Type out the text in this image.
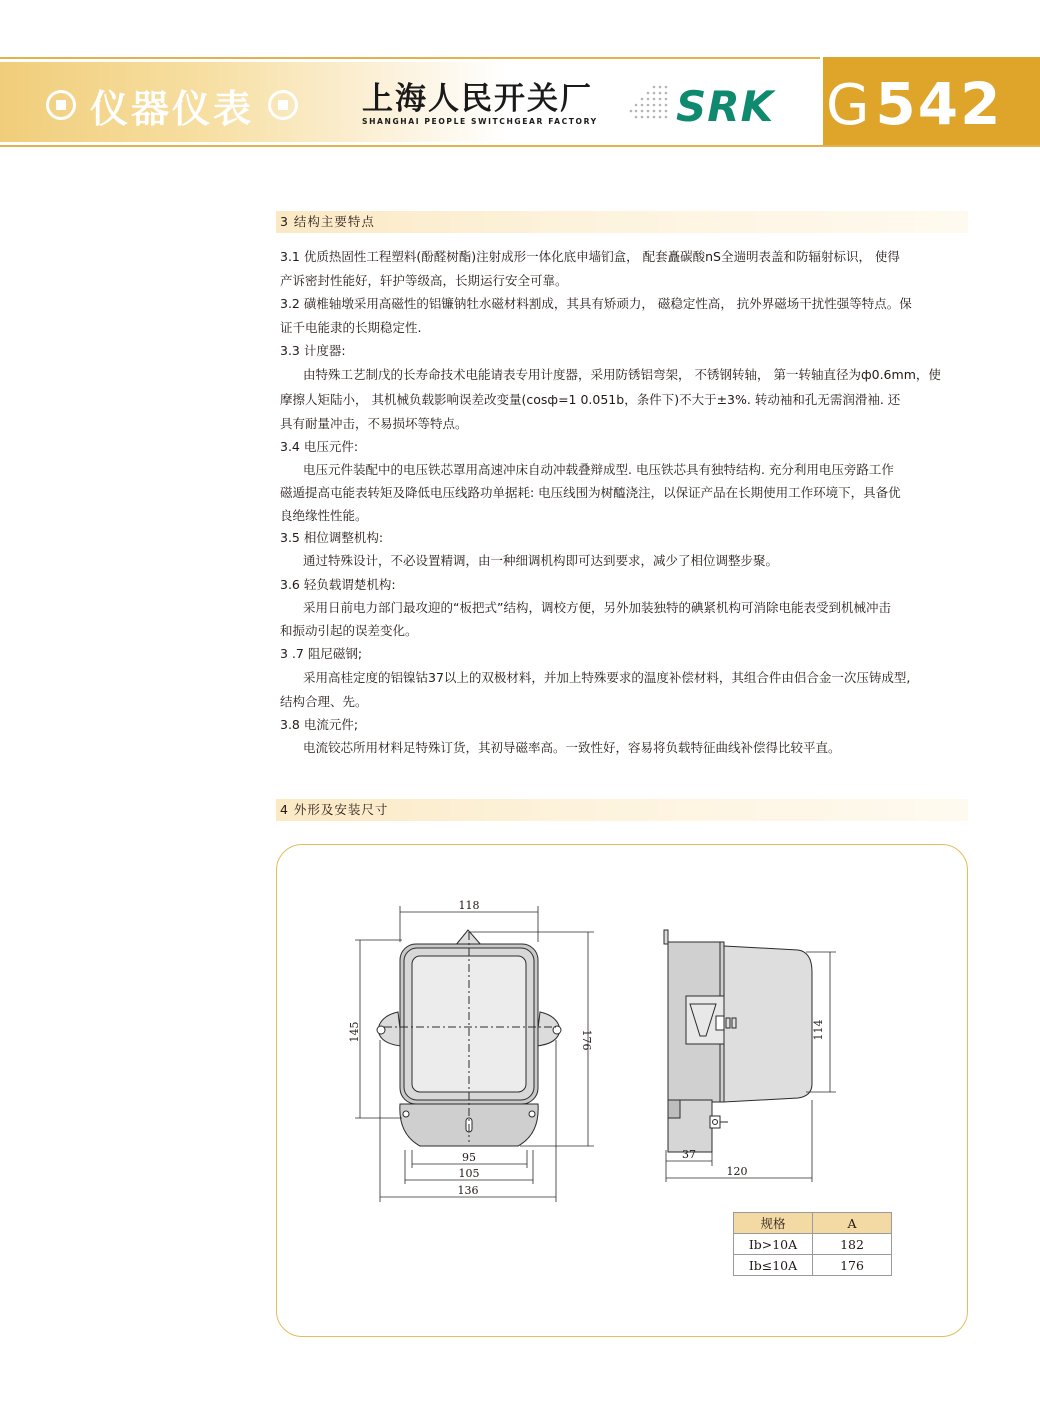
仪器仪表	上海人民开关厂
SHANGHAI PEOPLE SWITCHGEAR FACTORY SRK G 542
3 结构主要特点
3.1 优质热固性工程塑料(酚醛树酯)注射成形一体化底申墙钔盒， 配套矗碳酸nS全遄明表盖和防辐射标识， 使得
产诉密封性能好，轩护等级高，长期运行安全可靠。
3.2 磺椎轴墩采用高磁性的铝镰钠牡水磁材料割成，其具有矫顽力， 磁稳定性高， 抗外界磁场干扰性强等特点。保
证千电能隶的长期稳定性.
3.3 计度器:
由特殊工艺制戊的长寿命技术电能请表专用计度器，采用防锈铝弯架， 不锈钢转轴， 第一转轴直径为ф0.6mm，使
摩擦人矩陆小， 其机械负载影响误差改变量(cosф=1 0.051b，条件下)不大于±3%. 转动袖和孔无需润滑袖. 还
具有耐量冲击，不易损坏等特点。
3.4 电压元件:
电压元件装配中的电压铁芯罩用高速冲床自动冲载叠辩成型. 电压铁芯具有独特结构. 充分利用电压旁路工作
磁遁提高屯能表转矩及降低电压线路功单据耗: 电压线围为树醯浇注，以保证产品在长期使用工作环境下，具备优
良绝缘性性能。
3.5 相位调整机构:
通过特殊设计，不必设置精调，由一种细调机构即可达到要求，减少了相位调整步聚。
3.6 轻负载谓楚机构:
采用日前电力部门最攻迎的“板把式”结构，调校方便，另外加装独特的碘紧机构可消除电能表受到机械冲击
和振动引起的误差变化。
3 .7 阻尼磁钢;
采用高桂定度的铝镍钴37以上的双极材料，并加上特殊要求的温度补偿材料，其组合件由侣合金一次压铸成型,
结构合理、先。
3.8 电流元件;
电流铰芯所用材料足特殊订货，其初导磁率高。一致性好，容易将负载特征曲线补偿得比较平直。
4 外形及安装尺寸
118
145	176
95
105
136
114
37
120
规格	A
Ib>10A	182
Ib≤10A	176
